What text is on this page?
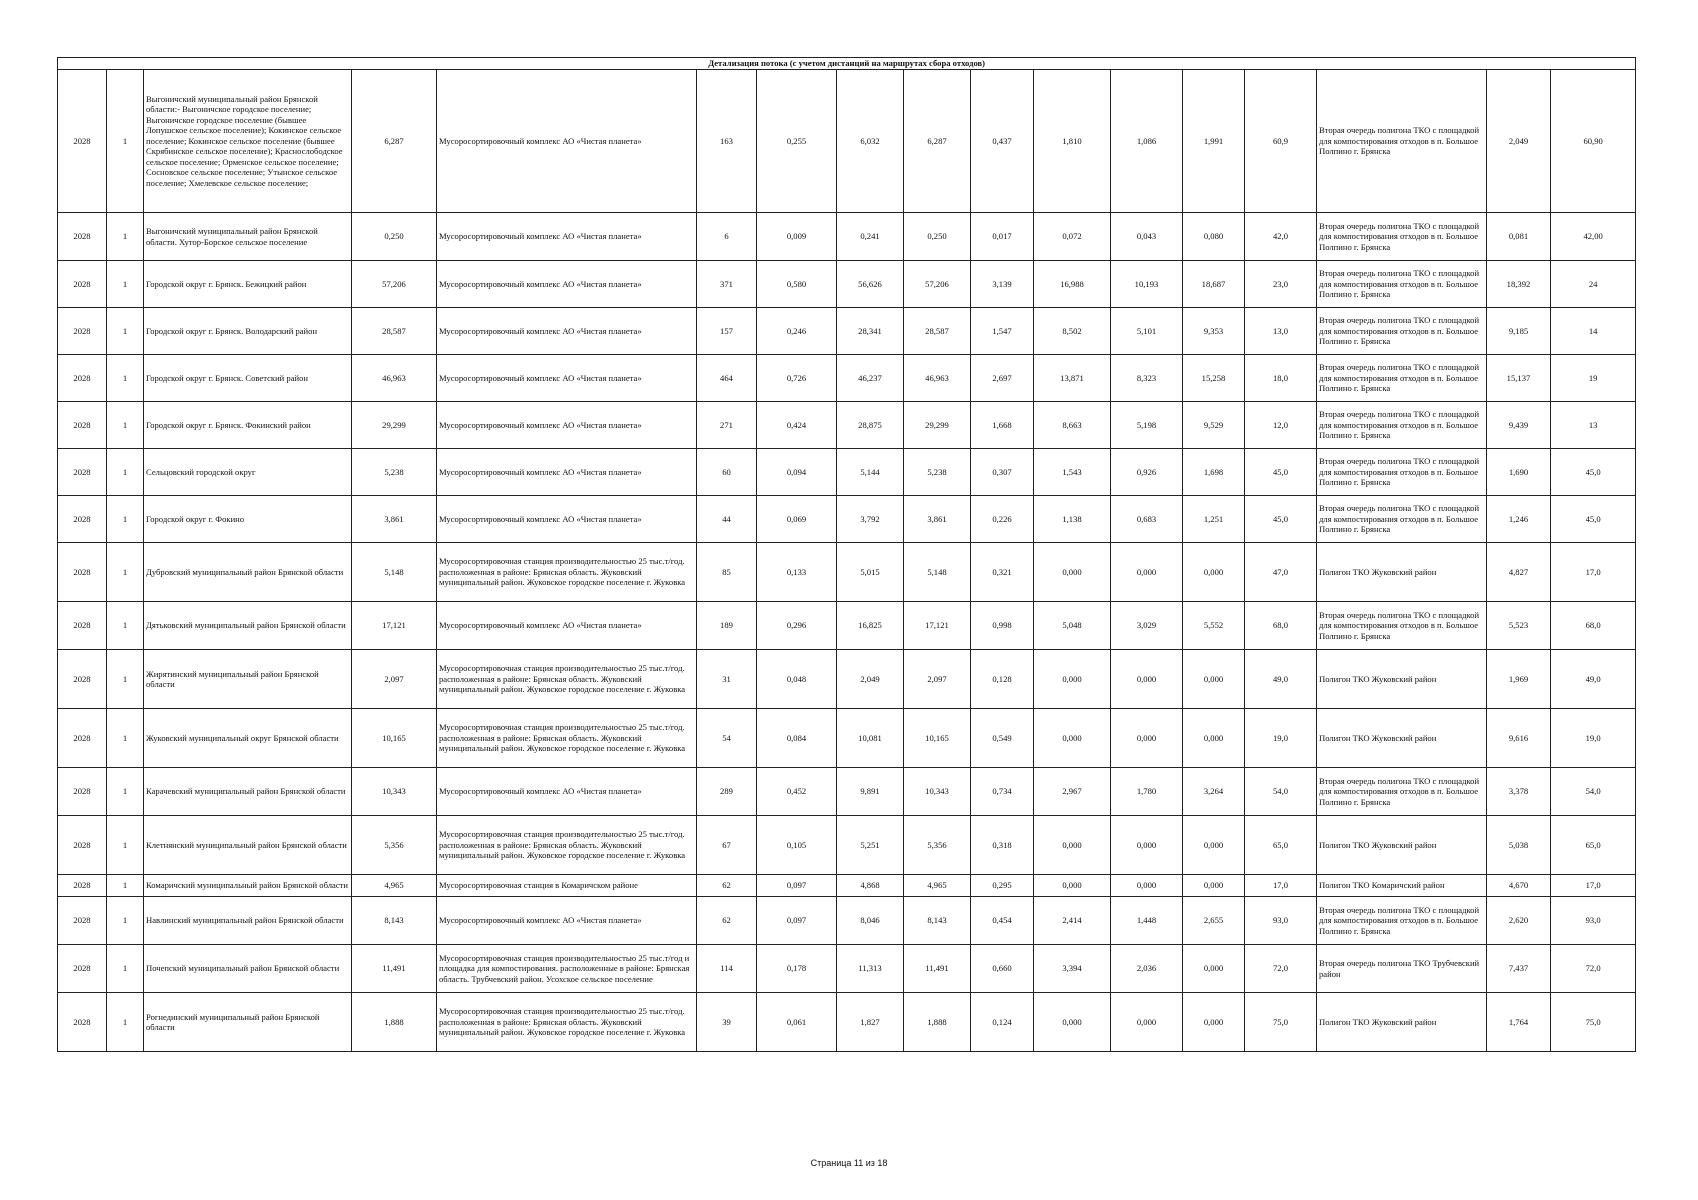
Детализация потока (с учетом дистанций на маршрутах сбора отходов)																
2028	1	Выгоничский муниципальный район Брянской области:- Выгоничское городское поселение; Выгоничское городское поселение (бывшее Лопушское сельское поселение); Кокинское сельское поселение; Кокинское сельское поселение (бывшее Скрябинское сельское поселение); Краснослободское сельское поселение; Орменское сельское поселение; Сосновское сельское поселение; Утынское сельское поселение; Хмелевское сельское поселение;	6,287	Мусоросортировочный комплекс АО «Чистая планета»	163	0,255	6,032	6,287	0,437	1,810	1,086	1,991	60,9	Вторая очередь полигона ТКО с площадкой для компостирования отходов в п. Большое Полпино г. Брянска	2,049	60,90
2028	1	Выгоничский муниципальный район Брянской области. Хутор-Борское сельское поселение	0,250	Мусоросортировочный комплекс АО «Чистая планета»	6	0,009	0,241	0,250	0,017	0,072	0,043	0,080	42,0	Вторая очередь полигона ТКО с площадкой для компостирования отходов в п. Большое Полпино г. Брянска	0,081	42,00
2028	1	Городской округ г. Брянск. Бежицкий район	57,206	Мусоросортировочный комплекс АО «Чистая планета»	371	0,580	56,626	57,206	3,139	16,988	10,193	18,687	23,0	Вторая очередь полигона ТКО с площадкой для компостирования отходов в п. Большое Полпино г. Брянска	18,392	24
2028	1	Городской округ г. Брянск. Володарский район	28,587	Мусоросортировочный комплекс АО «Чистая планета»	157	0,246	28,341	28,587	1,547	8,502	5,101	9,353	13,0	Вторая очередь полигона ТКО с площадкой для компостирования отходов в п. Большое Полпино г. Брянска	9,185	14
2028	1	Городской округ г. Брянск. Советский район	46,963	Мусоросортировочный комплекс АО «Чистая планета»	464	0,726	46,237	46,963	2,697	13,871	8,323	15,258	18,0	Вторая очередь полигона ТКО с площадкой для компостирования отходов в п. Большое Полпино г. Брянска	15,137	19
2028	1	Городской округ г. Брянск. Фокинский район	29,299	Мусоросортировочный комплекс АО «Чистая планета»	271	0,424	28,875	29,299	1,668	8,663	5,198	9,529	12,0	Вторая очередь полигона ТКО с площадкой для компостирования отходов в п. Большое Полпино г. Брянска	9,439	13
2028	1	Сельцовский городской округ	5,238	Мусоросортировочный комплекс АО «Чистая планета»	60	0,094	5,144	5,238	0,307	1,543	0,926	1,698	45,0	Вторая очередь полигона ТКО с площадкой для компостирования отходов в п. Большое Полпино г. Брянска	1,690	45,0
2028	1	Городской округ г. Фокино	3,861	Мусоросортировочный комплекс АО «Чистая планета»	44	0,069	3,792	3,861	0,226	1,138	0,683	1,251	45,0	Вторая очередь полигона ТКО с площадкой для компостирования отходов в п. Большое Полпино г. Брянска	1,246	45,0
2028	1	Дубровский муниципальный район Брянской области	5,148	Мусоросортировочная станция производительностью 25 тыс.т/год. расположенная в районе: Брянская область. Жуковский муниципальный район. Жуковское городское поселение г. Жуковка	85	0,133	5,015	5,148	0,321	0,000	0,000	0,000	47,0	Полигон ТКО Жуковский район	4,827	17,0
2028	1	Дятьковский муниципальный район Брянской области	17,121	Мусоросортировочный комплекс АО «Чистая планета»	189	0,296	16,825	17,121	0,998	5,048	3,029	5,552	68,0	Вторая очередь полигона ТКО с площадкой для компостирования отходов в п. Большое Полпино г. Брянска	5,523	68,0
2028	1	Жирятинский муниципальный район Брянской области	2,097	Мусоросортировочная станция производительностью 25 тыс.т/год. расположенная в районе: Брянская область. Жуковский муниципальный район. Жуковское городское поселение г. Жуковка	31	0,048	2,049	2,097	0,128	0,000	0,000	0,000	49,0	Полигон ТКО Жуковский район	1,969	49,0
2028	1	Жуковский муниципальный округ Брянской области	10,165	Мусоросортировочная станция производительностью 25 тыс.т/год. расположенная в районе: Брянская область. Жуковский муниципальный район. Жуковское городское поселение г. Жуковка	54	0,084	10,081	10,165	0,549	0,000	0,000	0,000	19,0	Полигон ТКО Жуковский район	9,616	19,0
2028	1	Карачевский муниципальный район Брянской области	10,343	Мусоросортировочный комплекс АО «Чистая планета»	289	0,452	9,891	10,343	0,734	2,967	1,780	3,264	54,0	Вторая очередь полигона ТКО с площадкой для компостирования отходов в п. Большое Полпино г. Брянска	3,378	54,0
2028	1	Клетнянский муниципальный район Брянской области	5,356	Мусоросортировочная станция производительностью 25 тыс.т/год. расположенная в районе: Брянская область. Жуковский муниципальный район. Жуковское городское поселение г. Жуковка	67	0,105	5,251	5,356	0,318	0,000	0,000	0,000	65,0	Полигон ТКО Жуковский район	5,038	65,0
2028	1	Комаричский муниципальный район Брянской области	4,965	Мусоросортировочная станция в Комаричском районе	62	0,097	4,868	4,965	0,295	0,000	0,000	0,000	17,0	Полигон ТКО Комаричский район	4,670	17,0
2028	1	Навлинский муниципальный район Брянской области	8,143	Мусоросортировочный комплекс АО «Чистая планета»	62	0,097	8,046	8,143	0,454	2,414	1,448	2,655	93,0	Вторая очередь полигона ТКО с площадкой для компостирования отходов в п. Большое Полпино г. Брянска	2,620	93,0
2028	1	Почепский муниципальный район Брянской области	11,491	Мусоросортировочная станция производительностью 25 тыс.т/год и площадка для компостирования. расположенные в районе: Брянская область. Трубчевский район. Усохское сельское поселение	114	0,178	11,313	11,491	0,660	3,394	2,036	0,000	72,0	Вторая очередь полигона ТКО Трубчевский район	7,437	72,0
2028	1	Рогнединский муниципальный район Брянской области	1,888	Мусоросортировочная станция производительностью 25 тыс.т/год. расположенная в районе: Брянская область. Жуковский муниципальный район. Жуковское городское поселение г. Жуковка	39	0,061	1,827	1,888	0,124	0,000	0,000	0,000	75,0	Полигон ТКО Жуковский район	1,764	75,0
Страница 11 из 18
